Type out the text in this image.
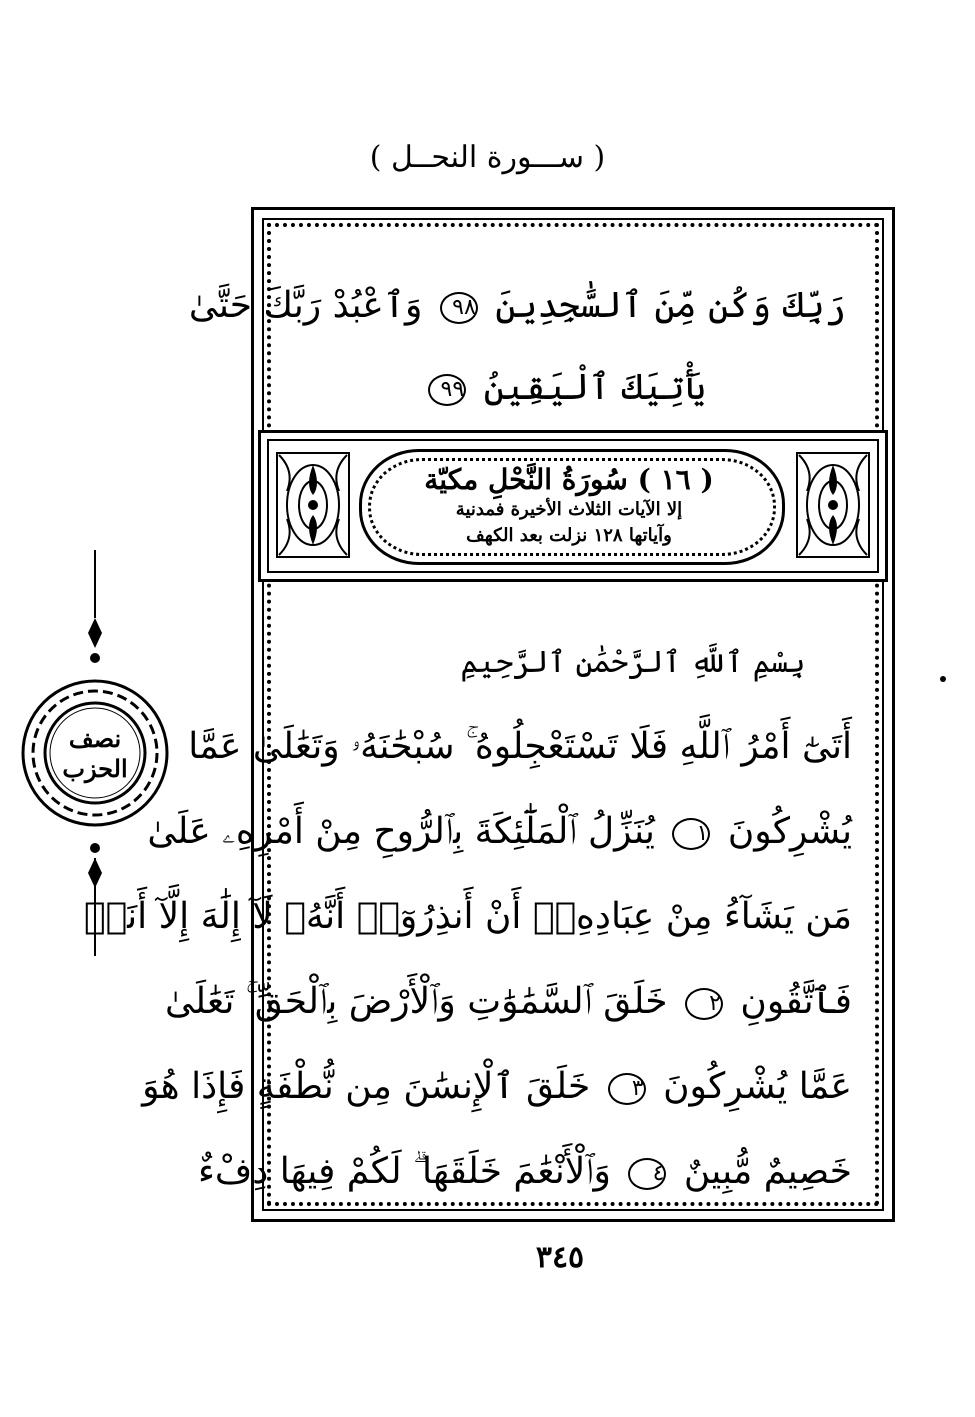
( ســـورة النحــل )
رَبِّكَ وَكُن مِّنَ ٱلسَّٰجِدِينَ ٩٨ وَٱعْبُدْ رَبَّكَ حَتَّىٰ
يَأْتِيَكَ ٱلْيَقِينُ ٩٩
( ١٦ ) سُورَةُ النَّحْلِ مكيّة
إلا الآيات الثلاث الأخيرة فمدنية
وآياتها ١٢٨ نزلت بعد الكهف
بِسْمِ ٱللَّهِ ٱلرَّحْمَٰنِ ٱلرَّحِيمِ
أَتَىٰٓ أَمْرُ ٱللَّهِ فَلَا تَسْتَعْجِلُوهُ ۚ سُبْحَٰنَهُۥ وَتَعَٰلَىٰ عَمَّا
يُشْرِكُونَ ١ يُنَزِّلُ ٱلْمَلَٰٓئِكَةَ بِٱلرُّوحِ مِنْ أَمْرِهِۦ عَلَىٰ
مَن يَشَآءُ مِنْ عِبَادِهِۦٓ أَنْ أَنذِرُوٓا۟ أَنَّهُۥ لَآ إِلَٰهَ إِلَّآ أَنَا۠
فَٱتَّقُونِ ٢ خَلَقَ ٱلسَّمَٰوَٰتِ وَٱلْأَرْضَ بِٱلْحَقِّ ۚ تَعَٰلَىٰ
عَمَّا يُشْرِكُونَ ٣ خَلَقَ ٱلْإِنسَٰنَ مِن نُّطْفَةٍ فَإِذَا هُوَ
خَصِيمٌ مُّبِينٌ ٤ وَٱلْأَنْعَٰمَ خَلَقَهَا ۗ لَكُمْ فِيهَا دِفْءٌ
نصف
الحزب
٣٤٥
